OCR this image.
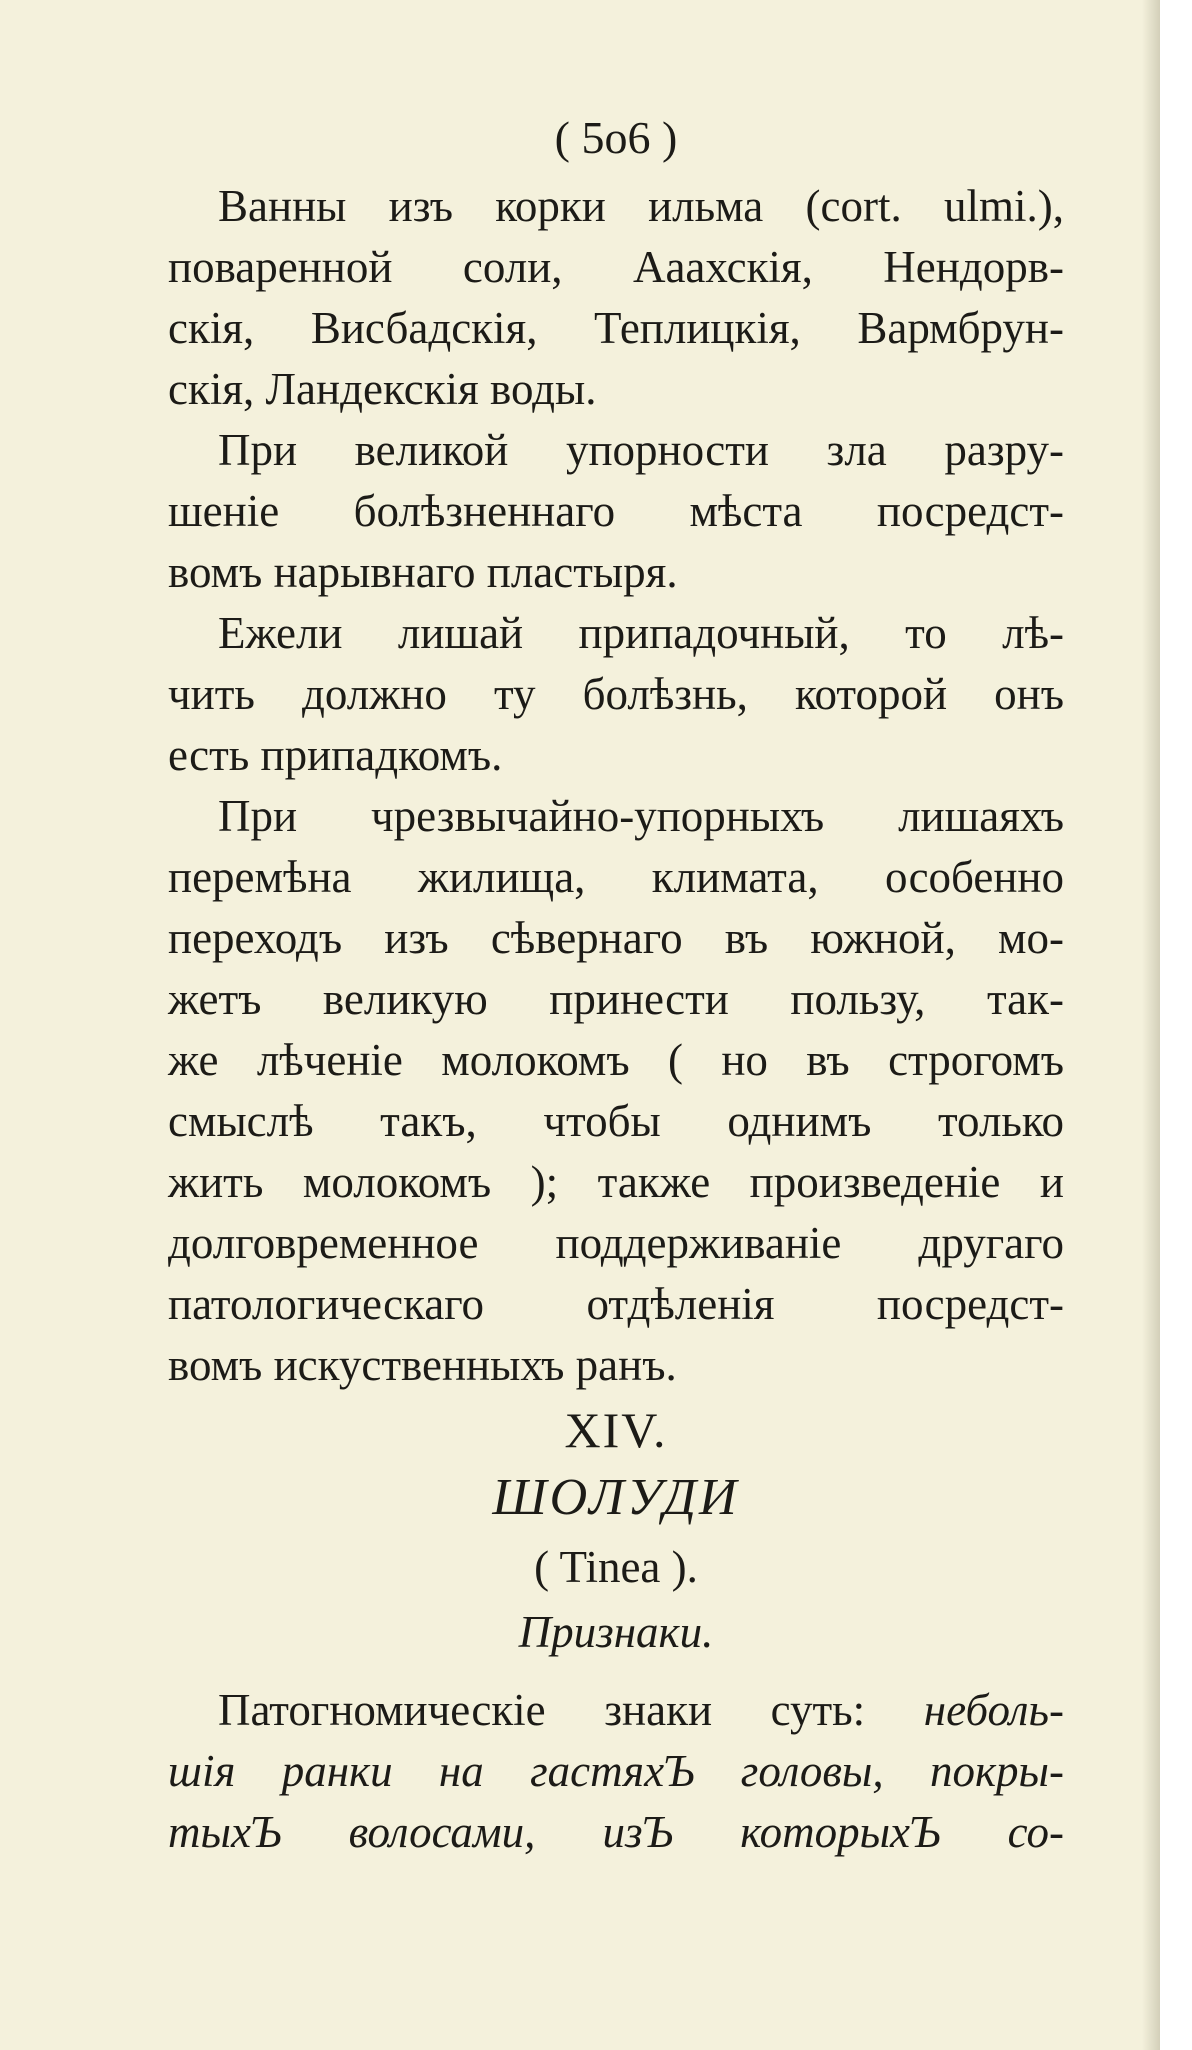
( 5о6 )
Ванны изъ корки ильма (cort. ulmi.),
поваренной соли, Аaахскія, Нендорв-
скія, Висбадскія, Теплицкія, Вармбрун-
скія, Ландекскія воды.
При великой упорности зла разру-
шеніе болѣзненнаго мѣста посредст-
вомъ нарывнаго пластыря.
Ежели лишай припадочный, то лѣ-
чить должно ту болѣзнь, которой онъ
есть припадкомъ.
При чрезвычайно-упорныхъ лишаяхъ
перемѣна жилища, климата, особенно
переходъ изъ сѣвернаго въ южной, мо-
жетъ великую принести пользу, так-
же лѣченіе молокомъ ( но въ строгомъ
смыслѣ такъ, чтобы однимъ только
жить молокомъ ); также произведеніе и
долговременное поддерживаніе другаго
патологическаго отдѣленія посредст-
вомъ искуственныхъ ранъ.
XIV.
ШОЛУДИ
( Tinea ).
Признаки.
Патогномическіе знаки суть: неболь-
шія ранки на гастяхЪ головы, покры-
тыхЪ волосами, изЪ которыхЪ со-
